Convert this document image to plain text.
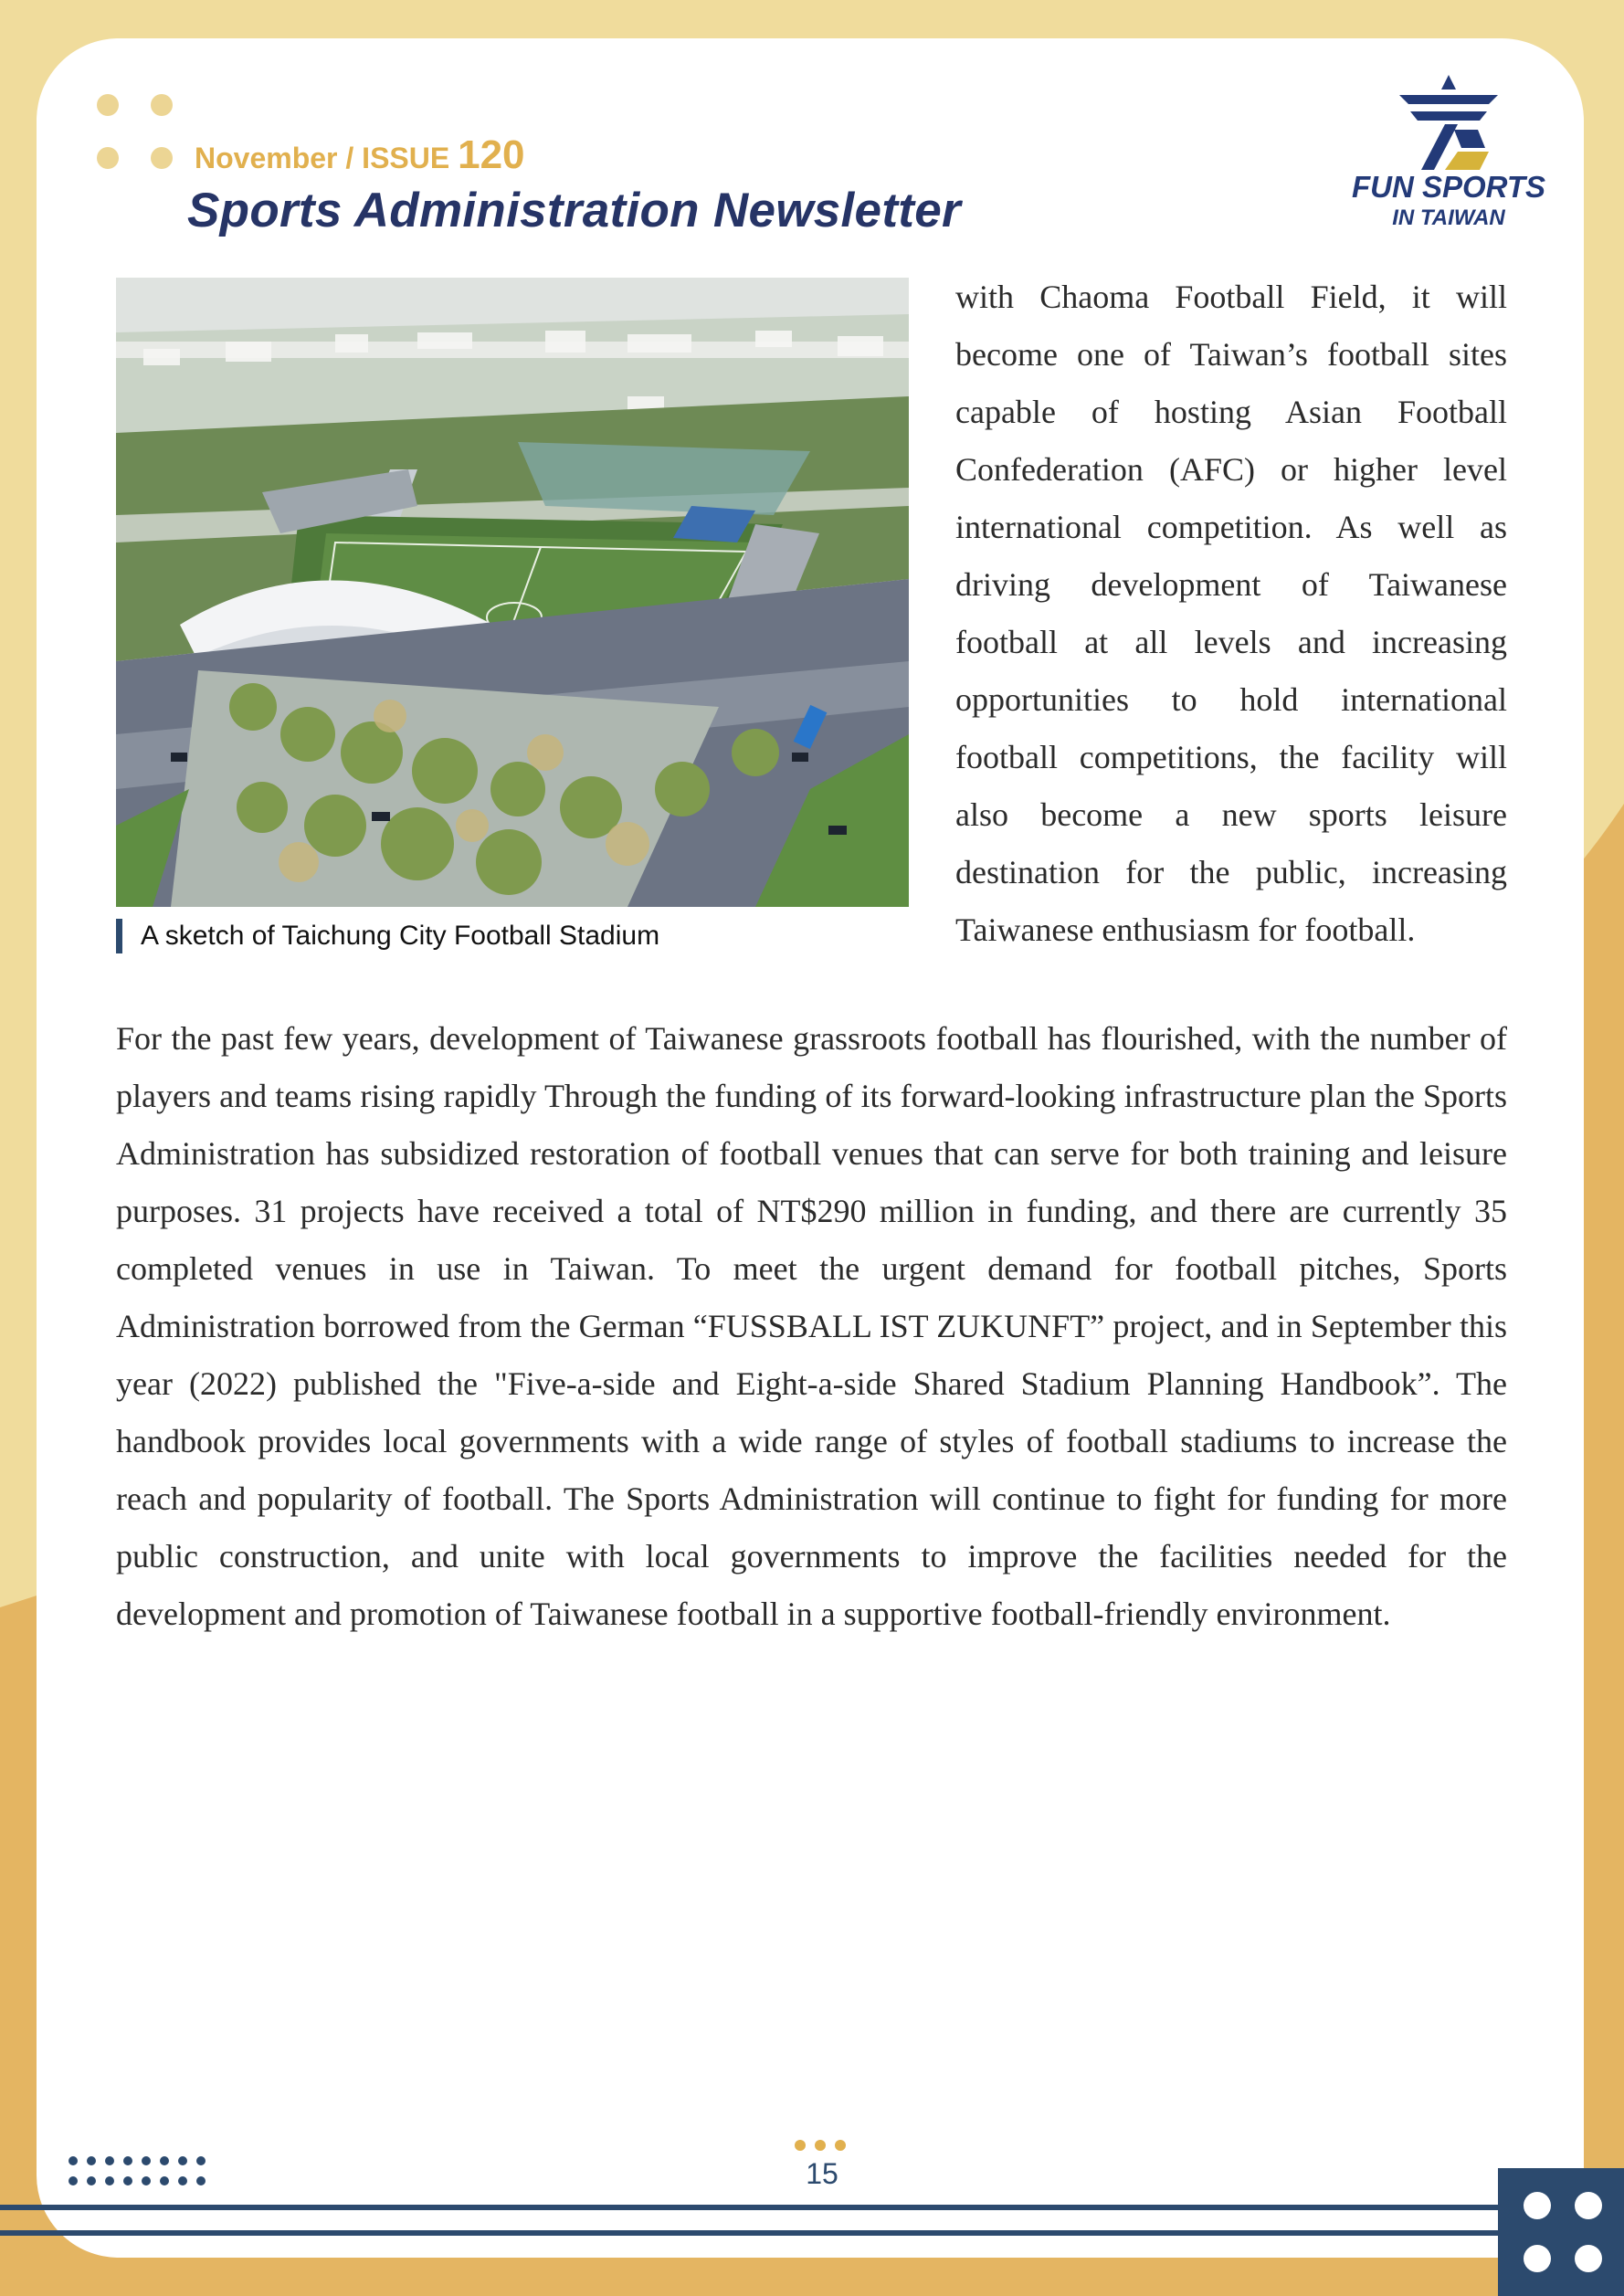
November / ISSUE 120

Sports Administration Newsletter	FUN SPORTS
IN TAIWAN

A sketch of Taichung City Football Stadium

with Chaoma Football Field, it will become one of Taiwan’s football sites capable of hosting Asian Football Confederation (AFC) or higher level international competition. As well as driving development of Taiwanese football at all levels and increasing opportunities to hold international football competitions, the facility will also become a new sports leisure destination for the public, increasing Taiwanese enthusiasm for football.

For the past few years, development of Taiwanese grassroots football has flourished, with the number of players and teams rising rapidly Through the funding of its forward-looking infrastructure plan the Sports Administration has subsidized restoration of football venues that can serve for both training and leisure purposes. 31 projects have received a total of NT$290 million in funding, and there are currently 35 completed venues in use in Taiwan. To meet the urgent demand for football pitches, Sports Administration borrowed from the German “FUSSBALL IST ZUKUNFT” project, and in September this year (2022) published the "Five-a-side and Eight-a-side Shared Stadium Planning Handbook”. The handbook provides local governments with a wide range of styles of football stadiums to increase the reach and popularity of football. The Sports Administration will continue to fight for funding for more public construction, and unite with local governments to improve the facilities needed for the development and promotion of Taiwanese football in a supportive football-friendly environment.

15
